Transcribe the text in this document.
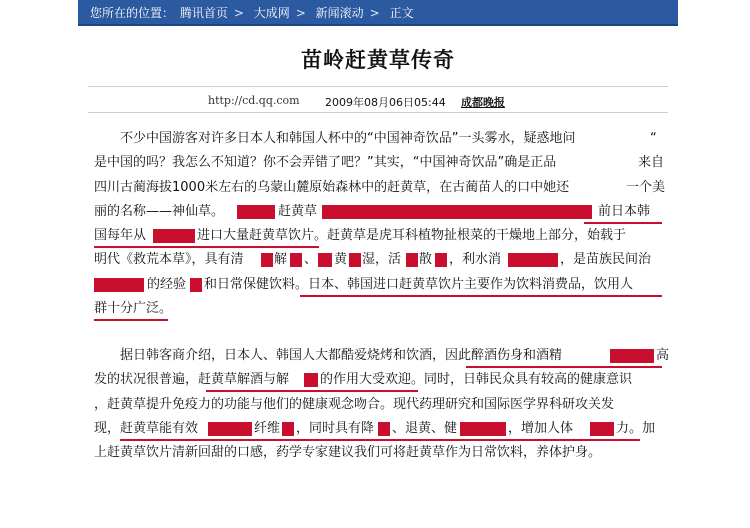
您所在的位置： 腾讯首页 > 大成网 > 新闻滚动 > 正文
苗岭赶黄草传奇
http://cd.qq.com 2009年08月06日05:44 成都晚报
不少中国游客对许多日本人和韩国人杯中的“中国神奇饮品”一头雾水，疑惑地问	“
是中国的吗？我怎么不知道？你不会弄错了吧？”其实，“中国神奇饮品”确是正品	来自
四川古蔺海拔1000米左右的乌蒙山麓原始森林中的赶黄草，在古蔺苗人的口中她还	一个美
丽的名称——神仙草。	赶黄草	前日本韩
国每年从	进口大量赶黄草饮片。赶黄草是虎耳科植物扯根菜的干燥地上部分，始载于
明代《救荒本草》，具有清 解 、 黄 湿，活 散 ，利水消	，是苗族民间治
的经验 和日常保健饮料。日本、韩国进口赶黄草饮片主要作为饮料消费品，饮用人
群十分广泛。
据日韩客商介绍，日本人、韩国人大都酷爱烧烤和饮酒，因此醉酒伤身和酒精	高
发的状况很普遍，赶黄草解酒与解 的作用大受欢迎。同时，日韩民众具有较高的健康意识
，赶黄草提升免疫力的功能与他们的健康观念吻合。现代药理研究和国际医学界科研攻关发
现，赶黄草能有效	纤维 ，同时具有降 、退黄、健	，增加人体	力。加
上赶黄草饮片清新回甜的口感，药学专家建议我们可将赶黄草作为日常饮料，养体护身。
